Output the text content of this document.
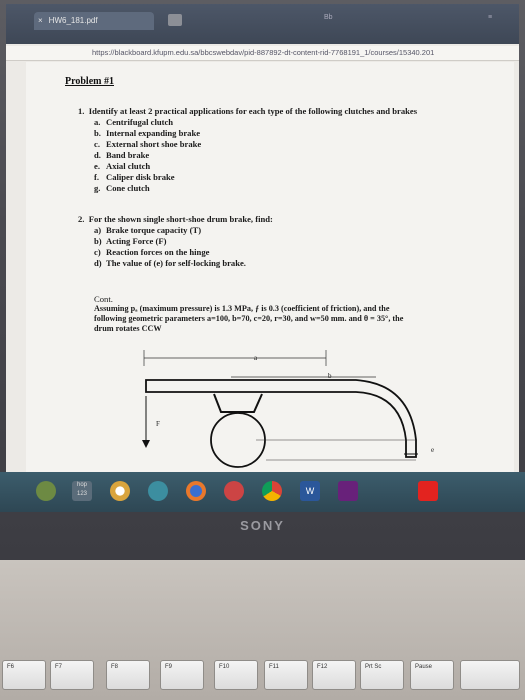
× HW6_181.pdf	Bb	≡
https://blackboard.kfupm.edu.sa/bbcswebdav/pid-887892-dt-content-rid-7768191_1/courses/15340.201
Problem #1
1. Identify at least 2 practical applications for each type of the following clutches and brakes
a. Centrifugal clutch
b. Internal expanding brake
c. External short shoe brake
d. Band brake
e. Axial clutch
f. Caliper disk brake
g. Cone clutch
2. For the shown single short-shoe drum brake, find:
a) Brake torque capacity (T)
b) Acting Force (F)
c) Reaction forces on the hinge
d) The value of (e) for self-locking brake.
Cont.
Assuming pₐ (maximum pressure) is 1.3 MPa, ƒ is 0.3 (coefficient of friction), and the
following geometric parameters a=100, b=70, c=20, r=30, and w=50 mm. and θ = 35°, the
drum rotates CCW
a
b
F
e
hop 123	W
SONY
F6	F7	F8	F9	F10	F11	F12	Prt Sc	Pause
